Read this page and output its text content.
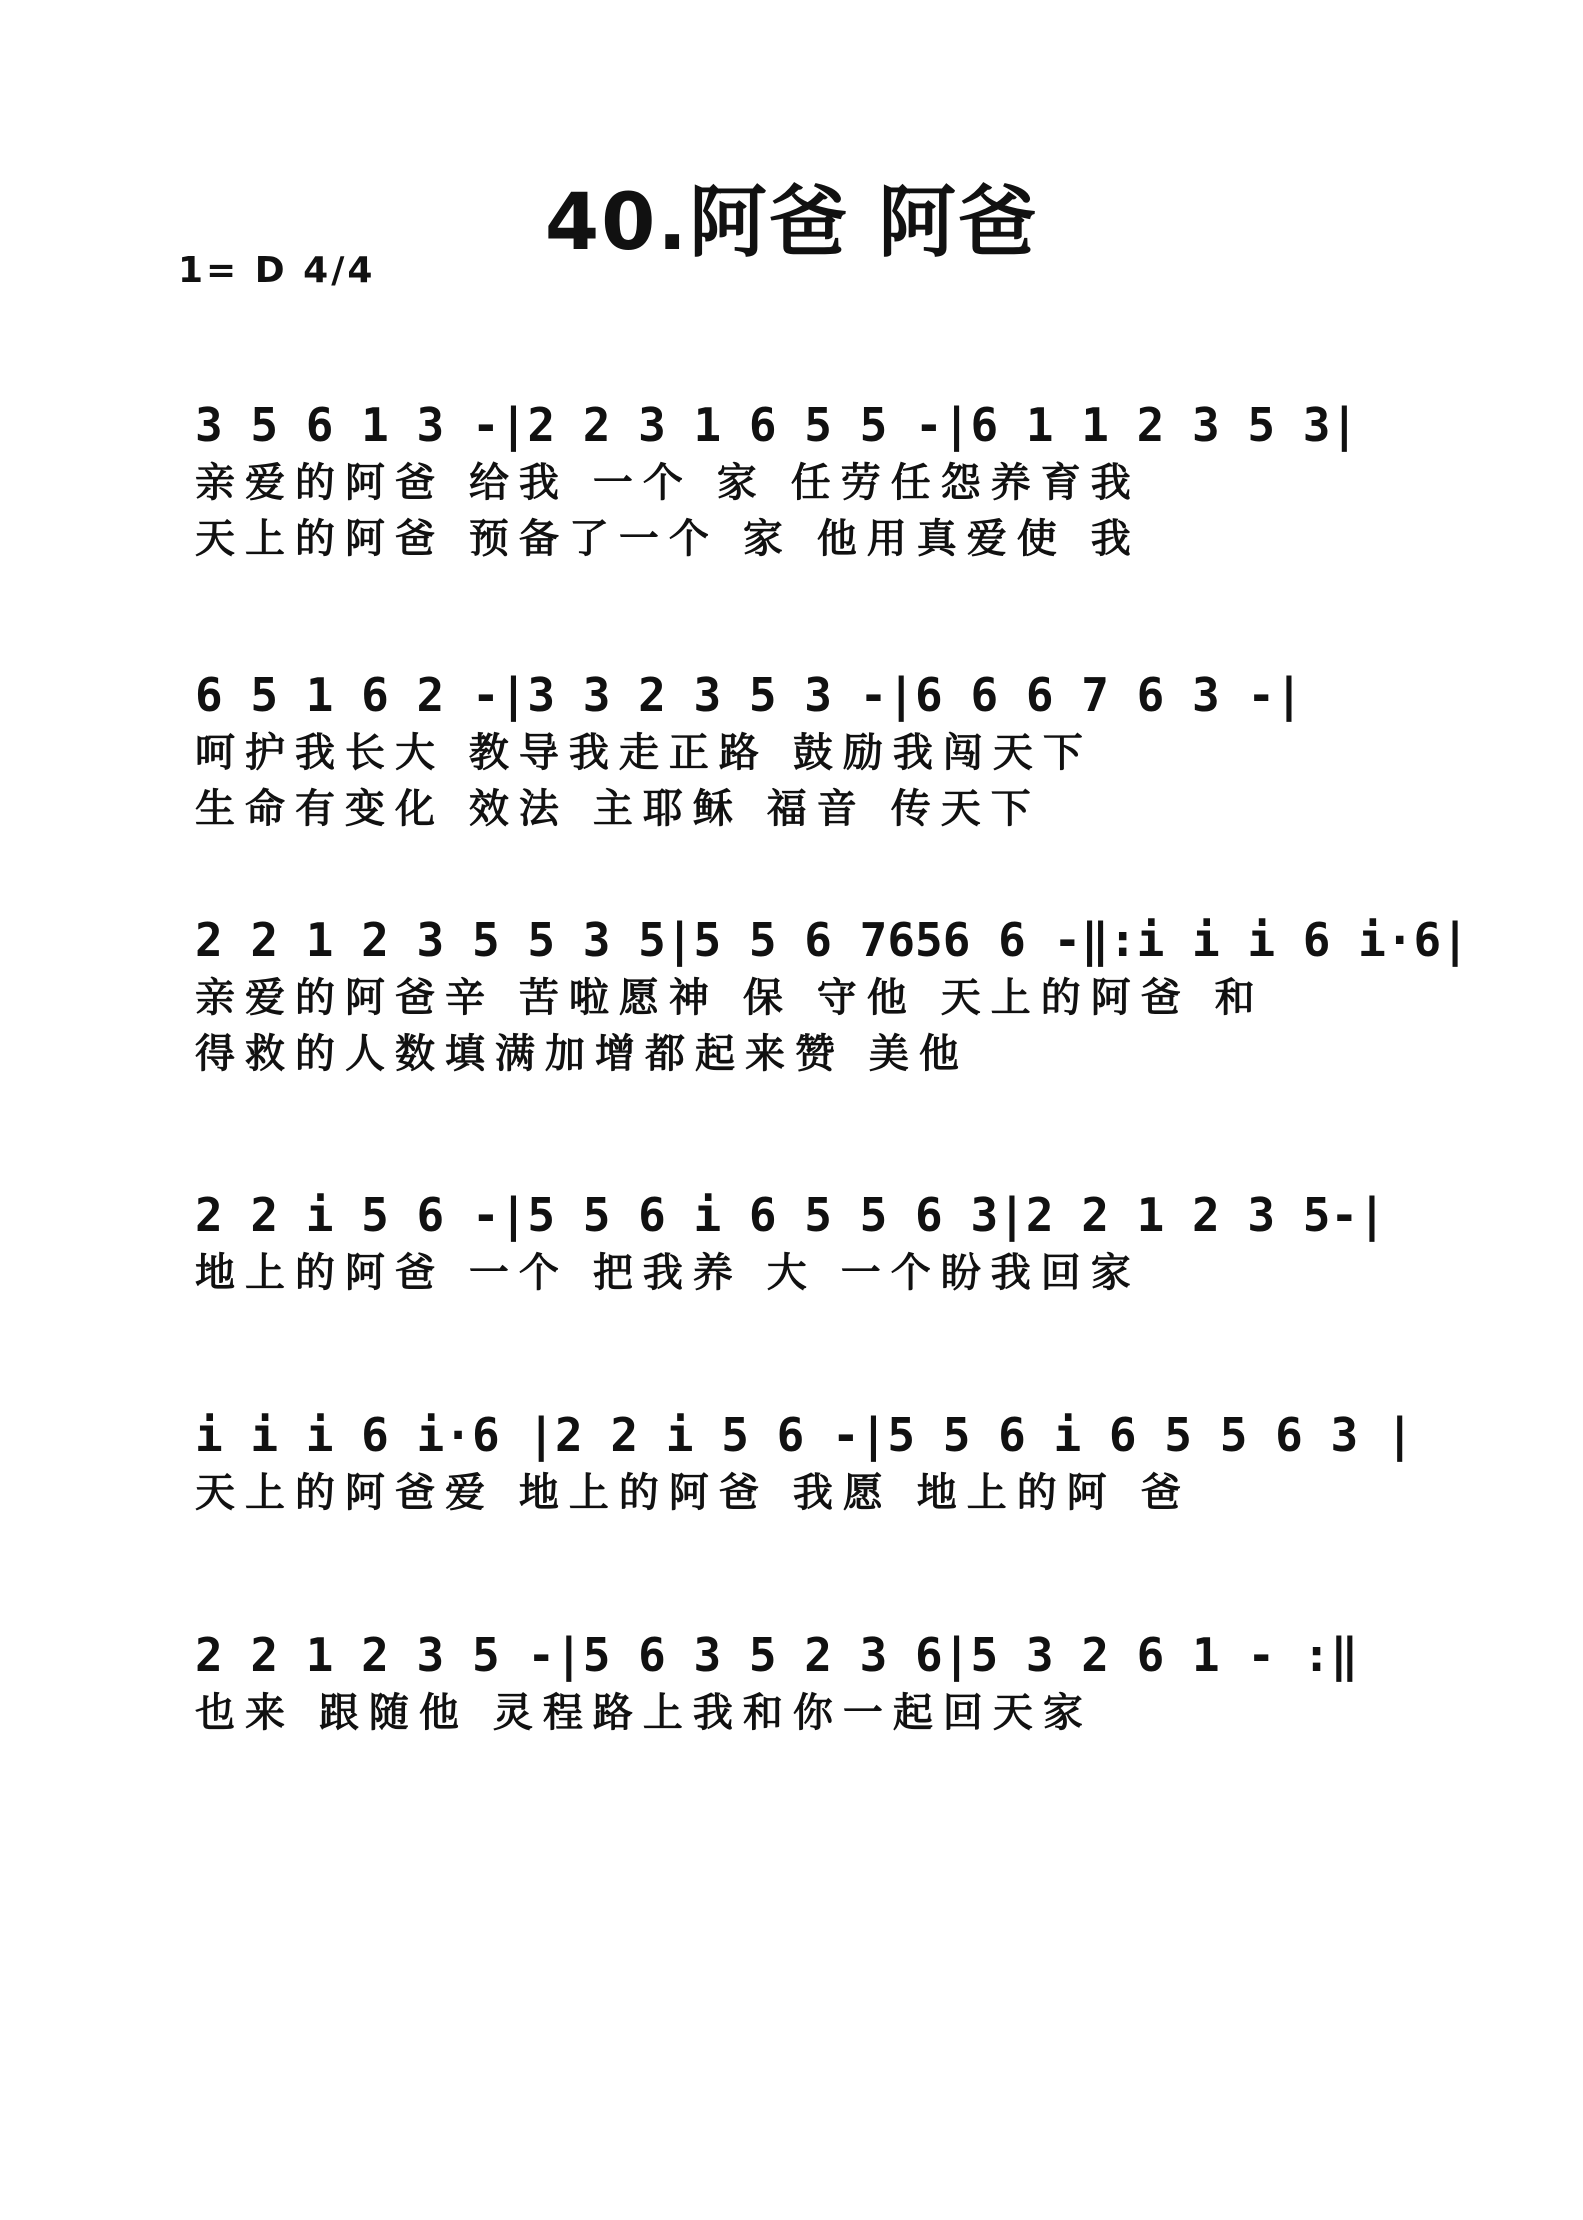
40.阿爸 阿爸
1= D 4/4
3 5 6 1 3 -|2 2 3 1 6 5 5 -|6 1 1 2 3 5 3|
亲爱的阿爸 给我 一个 家 任劳任怨养育我
天上的阿爸 预备了一个 家 他用真爱使 我
6 5 1 6 2 -|3 3 2 3 5 3 -|6 6 6 7 6 3 -|
呵护我长大 教导我走正路 鼓励我闯天下
生命有变化 效法 主耶稣 福音 传天下
2 2 1 2 3 5 5 3 5|5 5 6 7656 6 -‖:i i i 6 i·6|
亲爱的阿爸辛 苦啦愿神 保 守他 天上的阿爸 和
得救的人数填满加增都起来赞 美他
2 2 i 5 6 -|5 5 6 i 6 5 5 6 3|2 2 1 2 3 5-|
地上的阿爸 一个 把我养 大 一个盼我回家
i i i 6 i·6 |2 2 i 5 6 -|5 5 6 i 6 5 5 6 3 |
天上的阿爸爱 地上的阿爸 我愿 地上的阿 爸
2 2 1 2 3 5 -|5 6 3 5 2 3 6|5 3 2 6 1 - :‖
也来 跟随他 灵程路上我和你一起回天家
